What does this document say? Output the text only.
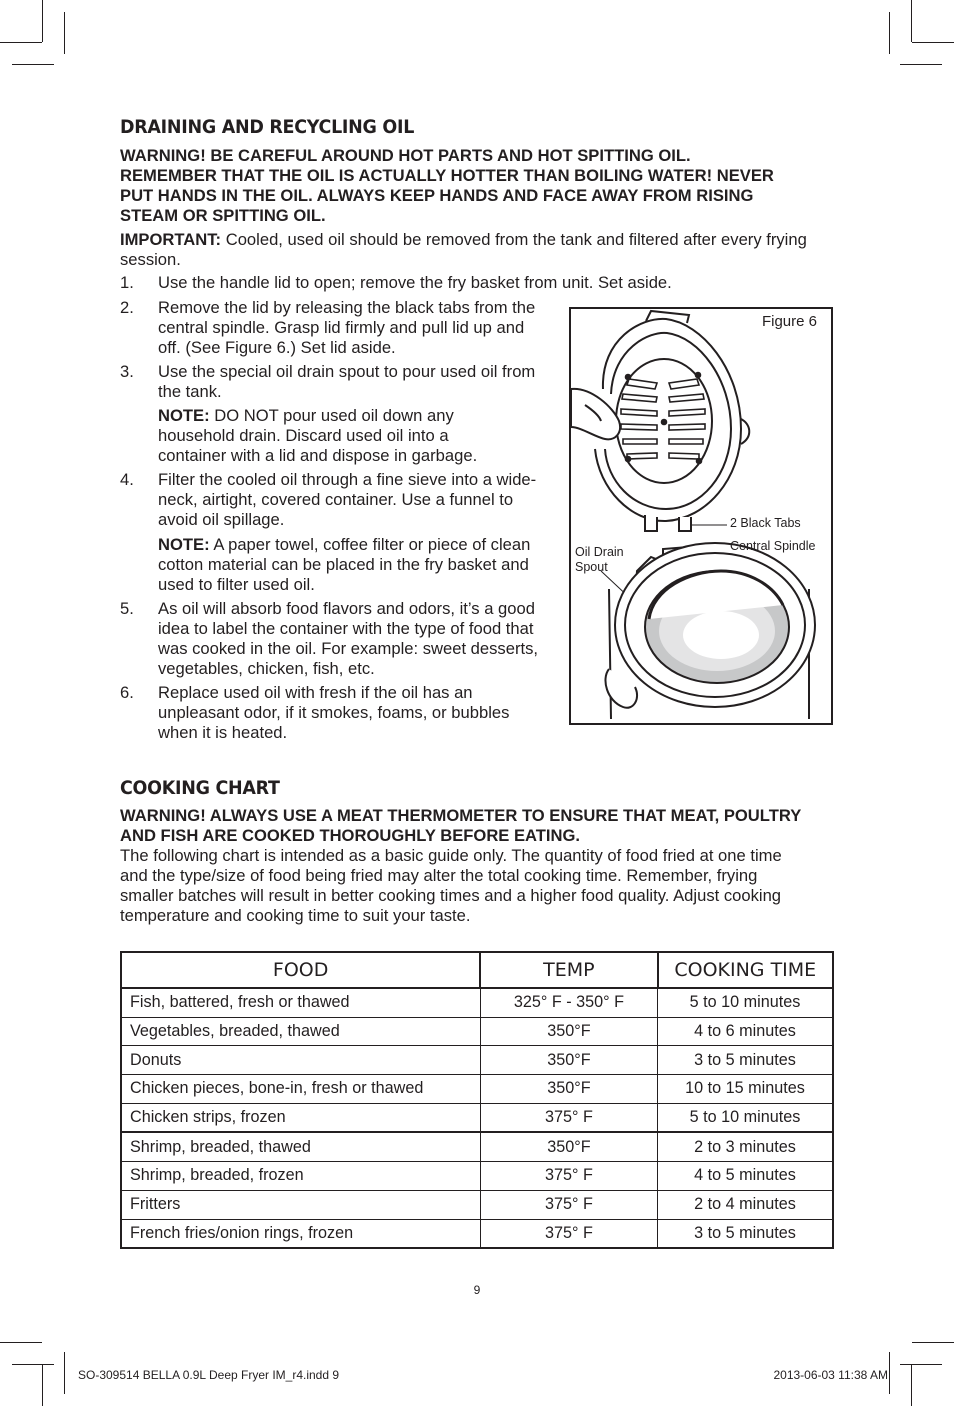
DRAINING AND RECYCLING OIL

WARNING! BE CAREFUL AROUND HOT PARTS AND HOT SPITTING OIL. REMEMBER THAT THE OIL IS ACTUALLY HOTTER THAN BOILING WATER! NEVER PUT HANDS IN THE OIL. ALWAYS KEEP HANDS AND FACE AWAY FROM RISING STEAM OR SPITTING OIL.

IMPORTANT: Cooled, used oil should be removed from the tank and filtered after every frying session.

1. Use the handle lid to open; remove the fry basket from unit. Set aside.
2. Remove the lid by releasing the black tabs from the central spindle. Grasp lid firmly and pull lid up and off. (See Figure 6.) Set lid aside.
3. Use the special oil drain spout to pour used oil from the tank.

NOTE: DO NOT pour used oil down any household drain. Discard used oil into a container with a lid and dispose in garbage.

4. Filter the cooled oil through a fine sieve into a wide-neck, airtight, covered container. Use a funnel to avoid oil spillage.

NOTE: A paper towel, coffee filter or piece of clean cotton material can be placed in the fry basket and used to filter used oil.

5. As oil will absorb food flavors and odors, it’s a good idea to label the container with the type of food that was cooked in the oil. For example: sweet desserts, vegetables, chicken, fish, etc.
6. Replace used oil with fresh if the oil has an unpleasant odor, if it smokes, foams, or bubbles when it is heated.
Figure 6
2 Black Tabs
Central Spindle
Oil Drain
Spout
COOKING CHART

WARNING! ALWAYS USE A MEAT THERMOMETER TO ENSURE THAT MEAT, POULTRY AND FISH ARE COOKED THOROUGHLY BEFORE EATING.

The following chart is intended as a basic guide only. The quantity of food fried at one time and the type/size of food being fried may alter the total cooking time. Remember, frying smaller batches will result in better cooking times and a higher food quality. Adjust cooking temperature and cooking time to suit your taste.

FOOD	TEMP	COOKING TIME
Fish, battered, fresh or thawed	325° F - 350° F	5 to 10 minutes
Vegetables, breaded, thawed	350°F	4 to 6 minutes
Donuts	350°F	3 to 5 minutes
Chicken pieces, bone-in, fresh or thawed	350°F	10 to 15 minutes
Chicken strips, frozen	375° F	5 to 10 minutes
Shrimp, breaded, thawed	350°F	2 to 3 minutes
Shrimp, breaded, frozen	375° F	4 to 5 minutes
Fritters	375° F	2 to 4 minutes
French fries/onion rings, frozen	375° F	3 to 5 minutes
9
SO-309514 BELLA 0.9L Deep Fryer IM_r4.indd 9	2013-06-03 11:38 AM
